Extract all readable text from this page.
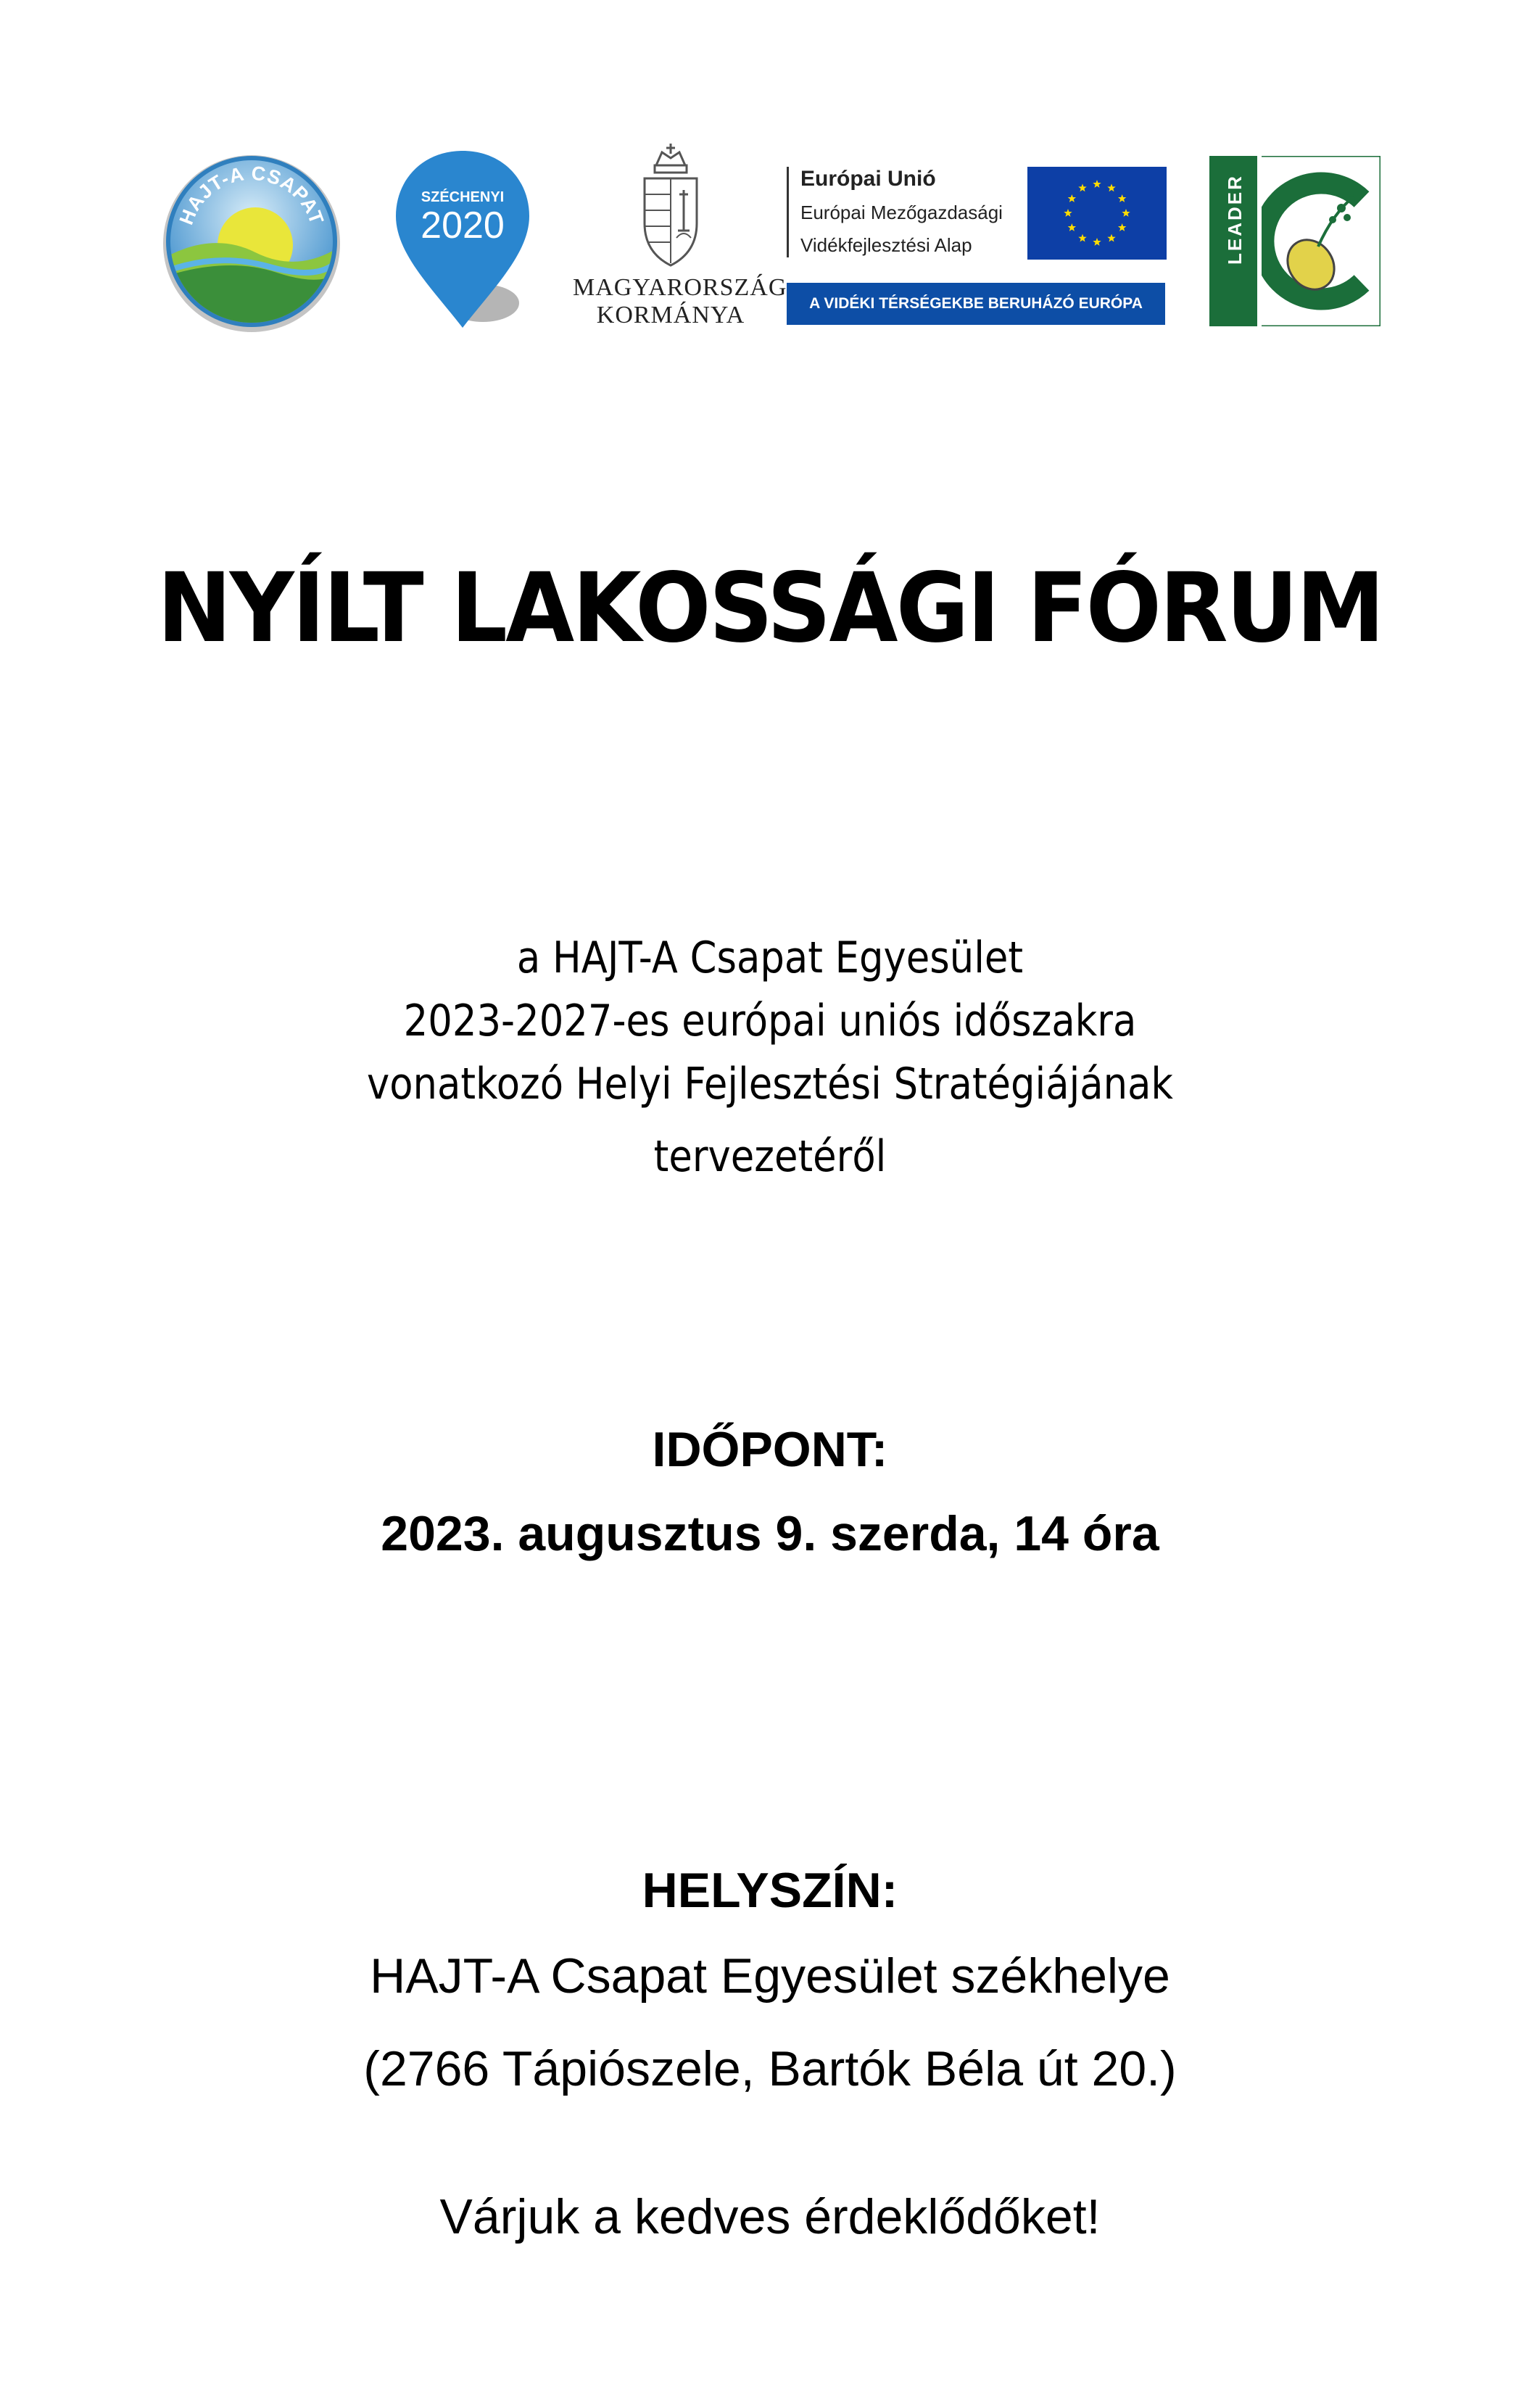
HAJT-A CSAPAT
SZÉCHENYI
2020
MAGYARORSZÁG
KORMÁNYA
Európai Unió
Európai Mezőgazdasági
Vidékfejlesztési Alap
A VIDÉKI TÉRSÉGEKBE BERUHÁZÓ EURÓPA
LEADER
NYÍLT LAKOSSÁGI FÓRUM
a HAJT-A Csapat Egyesület
2023-2027-es európai uniós időszakra
vonatkozó Helyi Fejlesztési Stratégiájának
tervezetéről
IDŐPONT:
2023. augusztus 9. szerda, 14 óra
HELYSZÍN:
HAJT-A Csapat Egyesület székhelye
(2766 Tápiószele, Bartók Béla út 20.)
Várjuk a kedves érdeklődőket!
